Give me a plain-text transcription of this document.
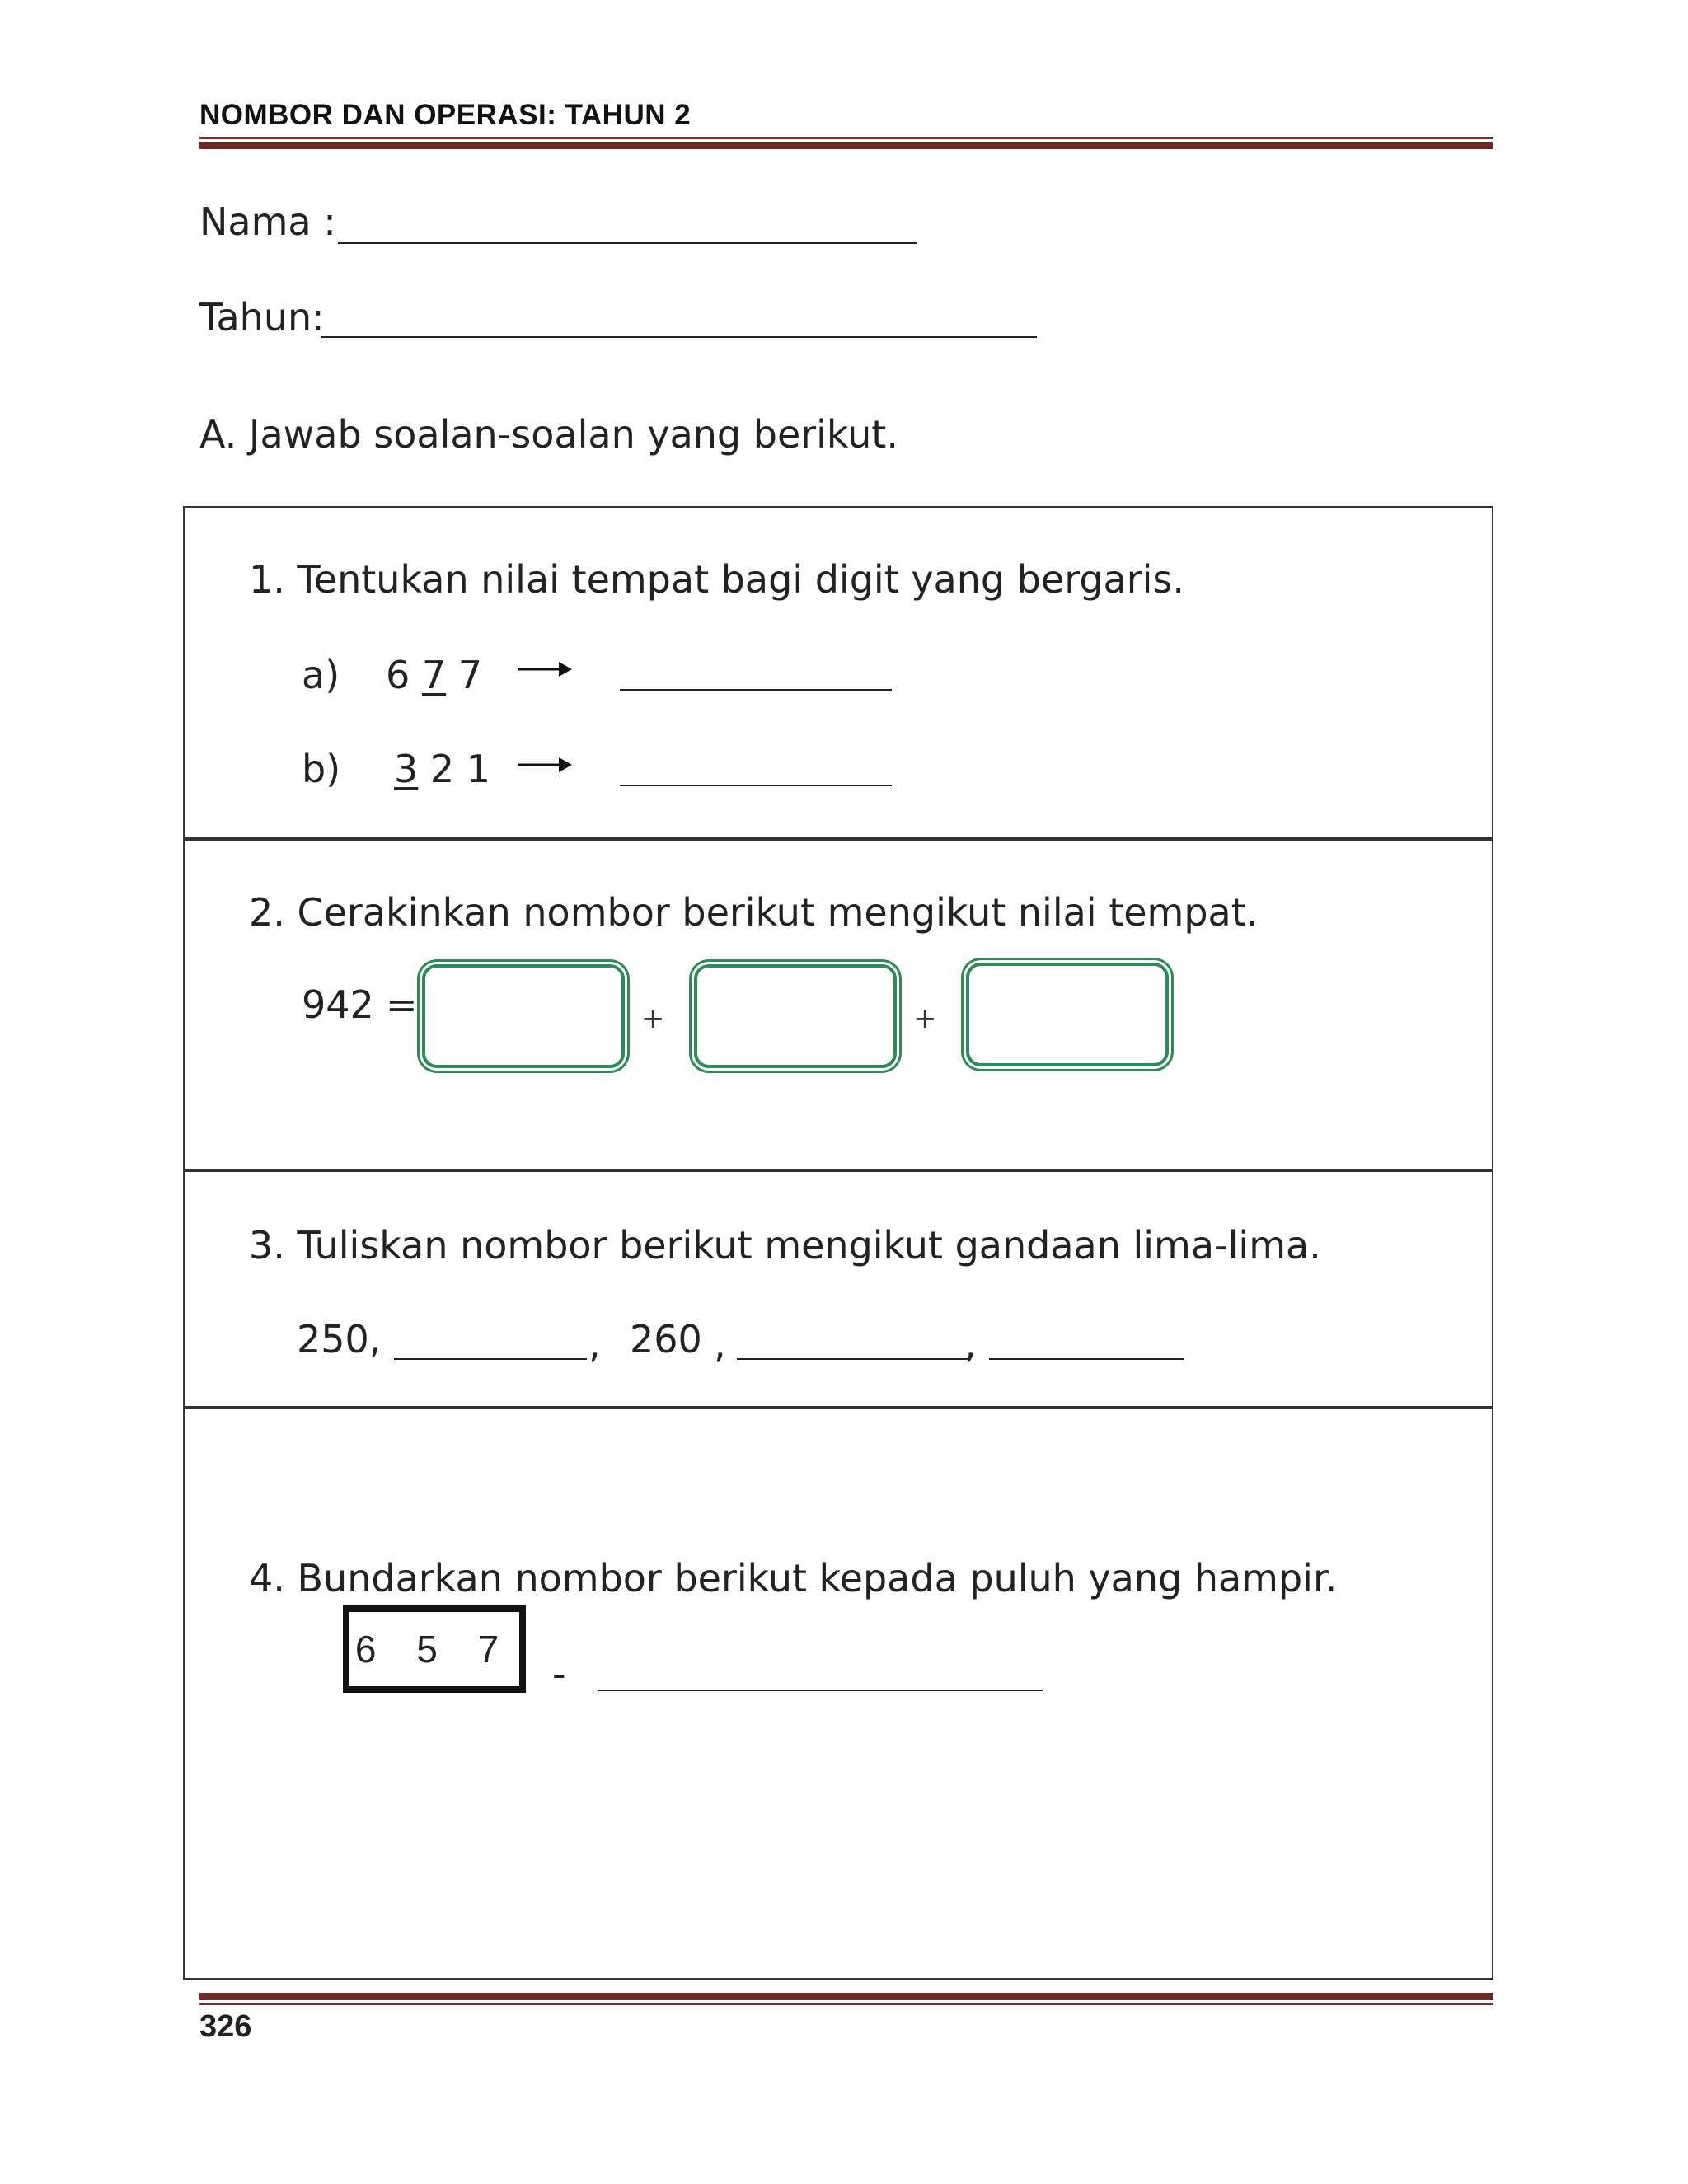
NOMBOR DAN OPERASI: TAHUN 2
Nama :
Tahun:
A. Jawab soalan-soalan yang berikut.
1. Tentukan nilai tempat bagi digit yang bergaris.
a) 6 7 7
b) 3 2 1
2. Cerakinkan nombor berikut mengikut nilai tempat.
942 =	+	+
3. Tuliskan nombor berikut mengikut gandaan lima-lima.
250,	, 260 ,	,
4. Bundarkan nombor berikut kepada puluh yang hampir.
6 5 7
-
326
